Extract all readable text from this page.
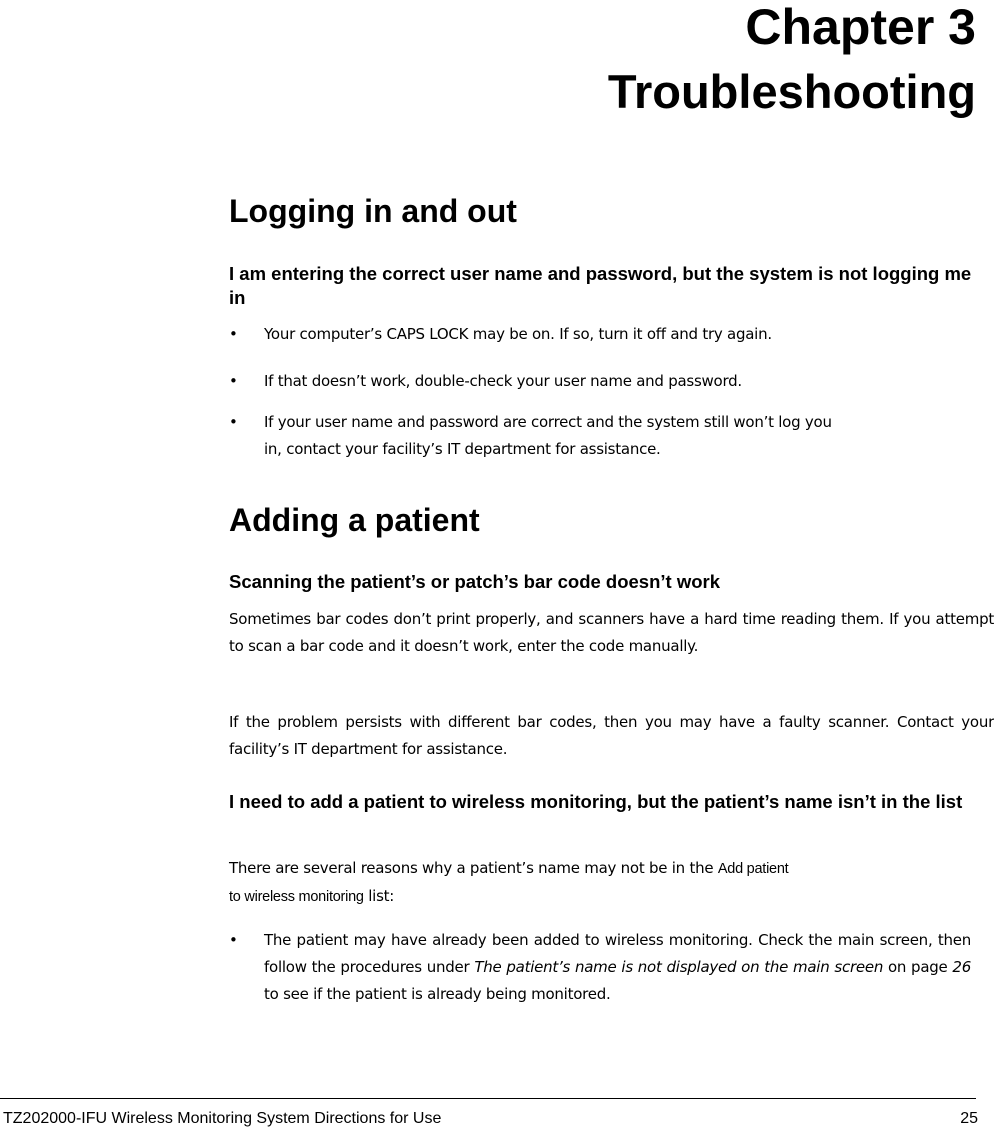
Chapter 3
Troubleshooting
Logging in and out
I am entering the correct user name and password, but the system is not logging me in
•	Your computer’s CAPS LOCK may be on. If so, turn it off and try again.
•	If that doesn’t work, double-check your user name and password.
• If your user name and password are correct and the system still won’t log you
in, contact your facility’s IT department for assistance.
Adding a patient
Scanning the patient’s or patch’s bar code doesn’t work

Sometimes bar codes don’t print properly, and scanners have a hard time reading them. If you attempt to scan a bar code and it doesn’t work, enter the code manually.

If the problem persists with different bar codes, then you may have a faulty scanner. Contact your facility’s IT department for assistance.

I need to add a patient to wireless monitoring, but the patient’s name isn’t in the list

There are several reasons why a patient’s name may not be in the Add patient
to wireless monitoring list:

•	The patient may have already been added to wireless monitoring. Check the main screen, then follow the procedures under The patient’s name is not displayed on the main screen on page 26 to see if the patient is already being monitored.
TZ202000-IFU Wireless Monitoring System Directions for Use	25
